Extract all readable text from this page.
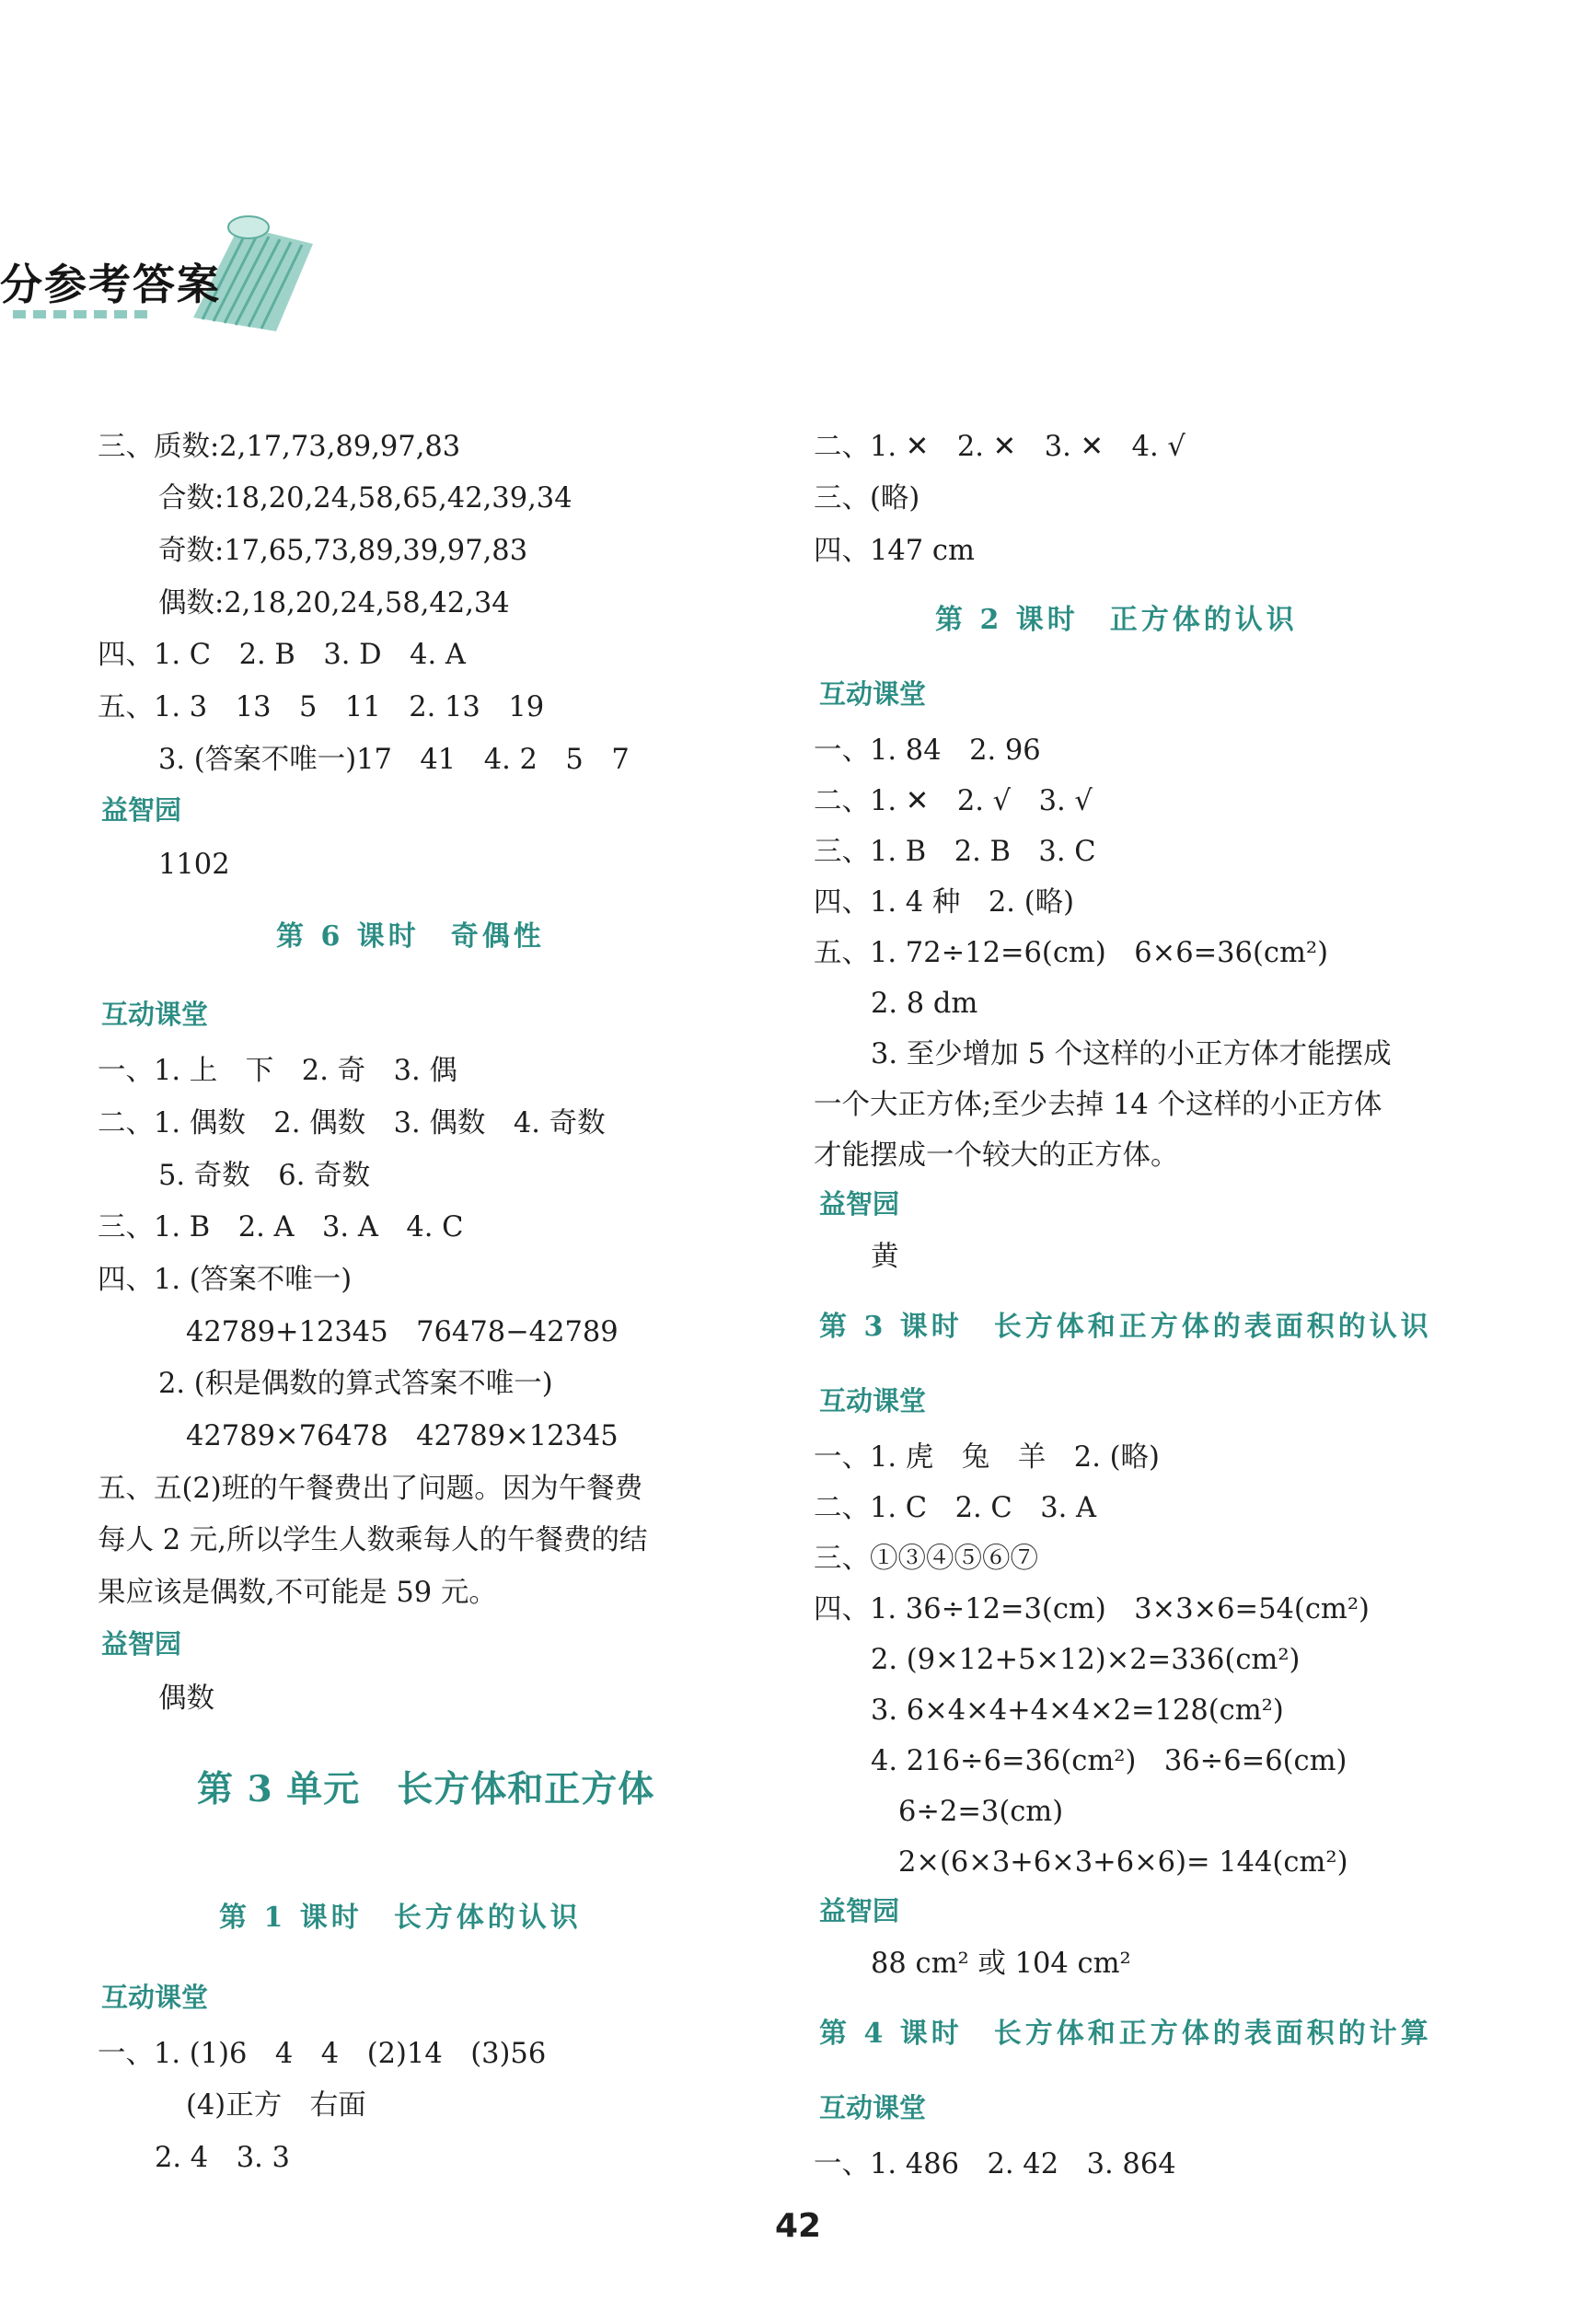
分参考答案
三、质数:2,17,73,89,97,83
合数:18,20,24,58,65,42,39,34
奇数:17,65,73,89,39,97,83
偶数:2,18,20,24,58,42,34
四、1. C　2. B　3. D　4. A
五、1. 3　13　5　11　2. 13　19
3. (答案不唯一)17　41　4. 2　5　7
益智园
1102
第 6 课时　奇偶性
互动课堂
一、1. 上　下　2. 奇　3. 偶
二、1. 偶数　2. 偶数　3. 偶数　4. 奇数
5. 奇数　6. 奇数
三、1. B　2. A　3. A　4. C
四、1. (答案不唯一)
42789+12345　76478−42789
2. (积是偶数的算式答案不唯一)
42789×76478　42789×12345
五、五(2)班的午餐费出了问题。因为午餐费
每人 2 元,所以学生人数乘每人的午餐费的结
果应该是偶数,不可能是 59 元。
益智园
偶数
第 3 单元　长方体和正方体
第 1 课时　长方体的认识
互动课堂
一、1. (1)6　4　4　(2)14　(3)56
(4)正方　右面
2. 4　3. 3
二、1. ✕　2. ✕　3. ✕　4. √
三、(略)
四、147 cm
第 2 课时　正方体的认识
互动课堂
一、1. 84　2. 96
二、1. ✕　2. √　3. √
三、1. B　2. B　3. C
四、1. 4 种　2. (略)
五、1. 72÷12=6(cm)　6×6=36(cm²)
2. 8 dm
3. 至少增加 5 个这样的小正方体才能摆成
一个大正方体;至少去掉 14 个这样的小正方体
才能摆成一个较大的正方体。
益智园
黄
第 3 课时　长方体和正方体的表面积的认识
互动课堂
一、1. 虎　兔　羊　2. (略)
二、1. C　2. C　3. A
三、①③④⑤⑥⑦
四、1. 36÷12=3(cm)　3×3×6=54(cm²)
2. (9×12+5×12)×2=336(cm²)
3. 6×4×4+4×4×2=128(cm²)
4. 216÷6=36(cm²)　36÷6=6(cm)
6÷2=3(cm)
2×(6×3+6×3+6×6)= 144(cm²)
益智园
88 cm² 或 104 cm²
第 4 课时　长方体和正方体的表面积的计算
互动课堂
一、1. 486　2. 42　3. 864
42
